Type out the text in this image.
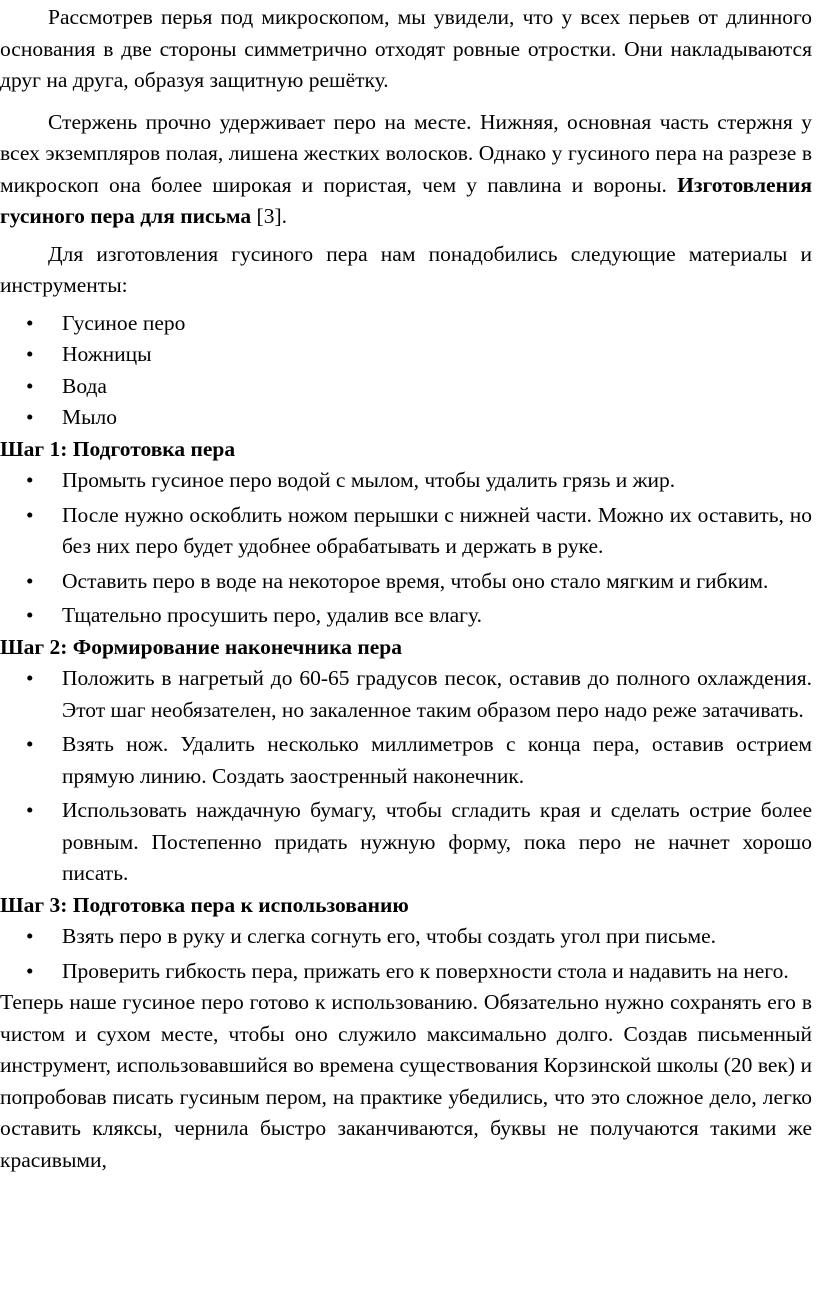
Рассмотрев перья под микроскопом, мы увидели, что у всех перьев от длинного основания в две стороны симметрично отходят ровные отростки. Они накладываются друг на друга, образуя защитную решётку.

Стержень прочно удерживает перо на месте. Нижняя, основная часть стержня у всех экземпляров полая, лишена жестких волосков. Однако у гусиного пера на разрезе в микроскоп она более широкая и пористая, чем у павлина и вороны. Изготовления гусиного пера для письма [3].

Для изготовления гусиного пера нам понадобились следующие материалы и инструменты:

• Гусиное перо
• Ножницы
• Вода
• Мыло
Шаг 1: Подготовка пера
• Промыть гусиное перо водой с мылом, чтобы удалить грязь и жир.
• После нужно оскоблить ножом перышки с нижней части. Можно их оставить, но без них перо будет удобнее обрабатывать и держать в руке.
• Оставить перо в воде на некоторое время, чтобы оно стало мягким и гибким.
• Тщательно просушить перо, удалив все влагу.
Шаг 2: Формирование наконечника пера
• Положить в нагретый до 60-65 градусов песок, оставив до полного охлаждения. Этот шаг необязателен, но закаленное таким образом перо надо реже затачивать.
• Взять нож. Удалить несколько миллиметров с конца пера, оставив острием прямую линию. Создать заостренный наконечник.
• Использовать наждачную бумагу, чтобы сгладить края и сделать острие более ровным. Постепенно придать нужную форму, пока перо не начнет хорошо писать.
Шаг 3: Подготовка пера к использованию
• Взять перо в руку и слегка согнуть его, чтобы создать угол при письме.
• Проверить гибкость пера, прижать его к поверхности стола и надавить на него.

Теперь наше гусиное перо готово к использованию. Обязательно нужно сохранять его в чистом и сухом месте, чтобы оно служило максимально долго. Создав письменный инструмент, использовавшийся во времена существования Корзинской школы (20 век) и попробовав писать гусиным пером, на практике убедились, что это сложное дело, легко оставить кляксы, чернила быстро заканчиваются, буквы не получаются такими же красивыми,
